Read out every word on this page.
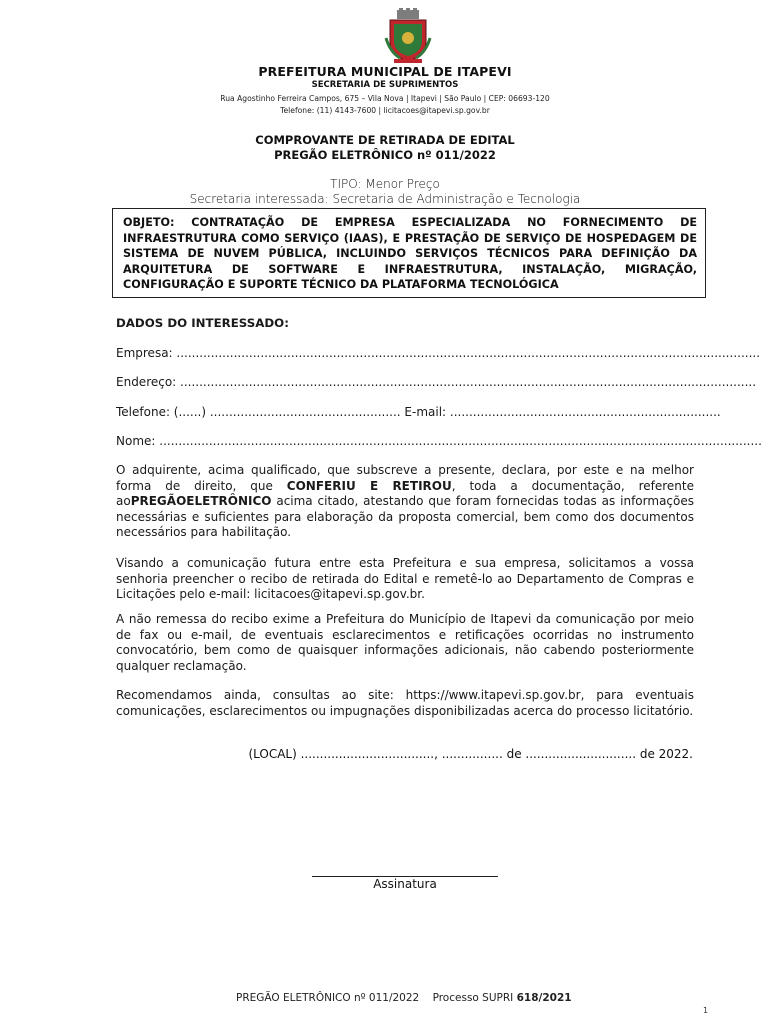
PREFEITURA MUNICIPAL DE ITAPEVI
SECRETARIA DE SUPRIMENTOS
Rua Agostinho Ferreira Campos, 675 – Vila Nova | Itapevi | São Paulo | CEP: 06693-120
Telefone: (11) 4143-7600 | licitacoes@itapevi.sp.gov.br
COMPROVANTE DE RETIRADA DE EDITAL
PREGÃO ELETRÔNICO nº 011/2022
TIPO: Menor Preço
Secretaria interessada: Secretaria de Administração e Tecnologia
OBJETO: CONTRATAÇÃO DE EMPRESA ESPECIALIZADA NO FORNECIMENTO DE INFRAESTRUTURA COMO SERVIÇO (IAAS), E PRESTAÇÃO DE SERVIÇO DE HOSPEDAGEM DE SISTEMA DE NUVEM PÚBLICA, INCLUINDO SERVIÇOS TÉCNICOS PARA DEFINIÇÃO DA ARQUITETURA DE SOFTWARE E INFRAESTRUTURA, INSTALAÇÃO, MIGRAÇÃO, CONFIGURAÇÃO E SUPORTE TÉCNICO DA PLATAFORMA TECNOLÓGICA
DADOS DO INTERESSADO:
Empresa: .........................................................................................................................................................
Endereço: .......................................................................................................................................................
Telefone: (......) .................................................. E-mail: .......................................................................
Nome: ..............................................................................................................................................................
O adquirente, acima qualificado, que subscreve a presente, declara, por este e na melhor forma de direito, que CONFERIU E RETIROU, toda a documentação, referente aoPREGÃOELETRÔNICO acima citado, atestando que foram fornecidas todas as informações necessárias e suficientes para elaboração da proposta comercial, bem como dos documentos necessários para habilitação.
Visando a comunicação futura entre esta Prefeitura e sua empresa, solicitamos a vossa senhoria preencher o recibo de retirada do Edital e remetê-lo ao Departamento de Compras e Licitações pelo e-mail: licitacoes@itapevi.sp.gov.br.
A não remessa do recibo exime a Prefeitura do Município de Itapevi da comunicação por meio de fax ou e-mail, de eventuais esclarecimentos e retificações ocorridas no instrumento convocatório, bem como de quaisquer informações adicionais, não cabendo posteriormente qualquer reclamação.
Recomendamos ainda, consultas ao site: https://www.itapevi.sp.gov.br, para eventuais comunicações, esclarecimentos ou impugnações disponibilizadas acerca do processo licitatório.
(LOCAL) ..................................., ................ de ............................. de 2022.
Assinatura
PREGÃO ELETRÔNICO nº 011/2022 Processo SUPRI 618/2021
1
